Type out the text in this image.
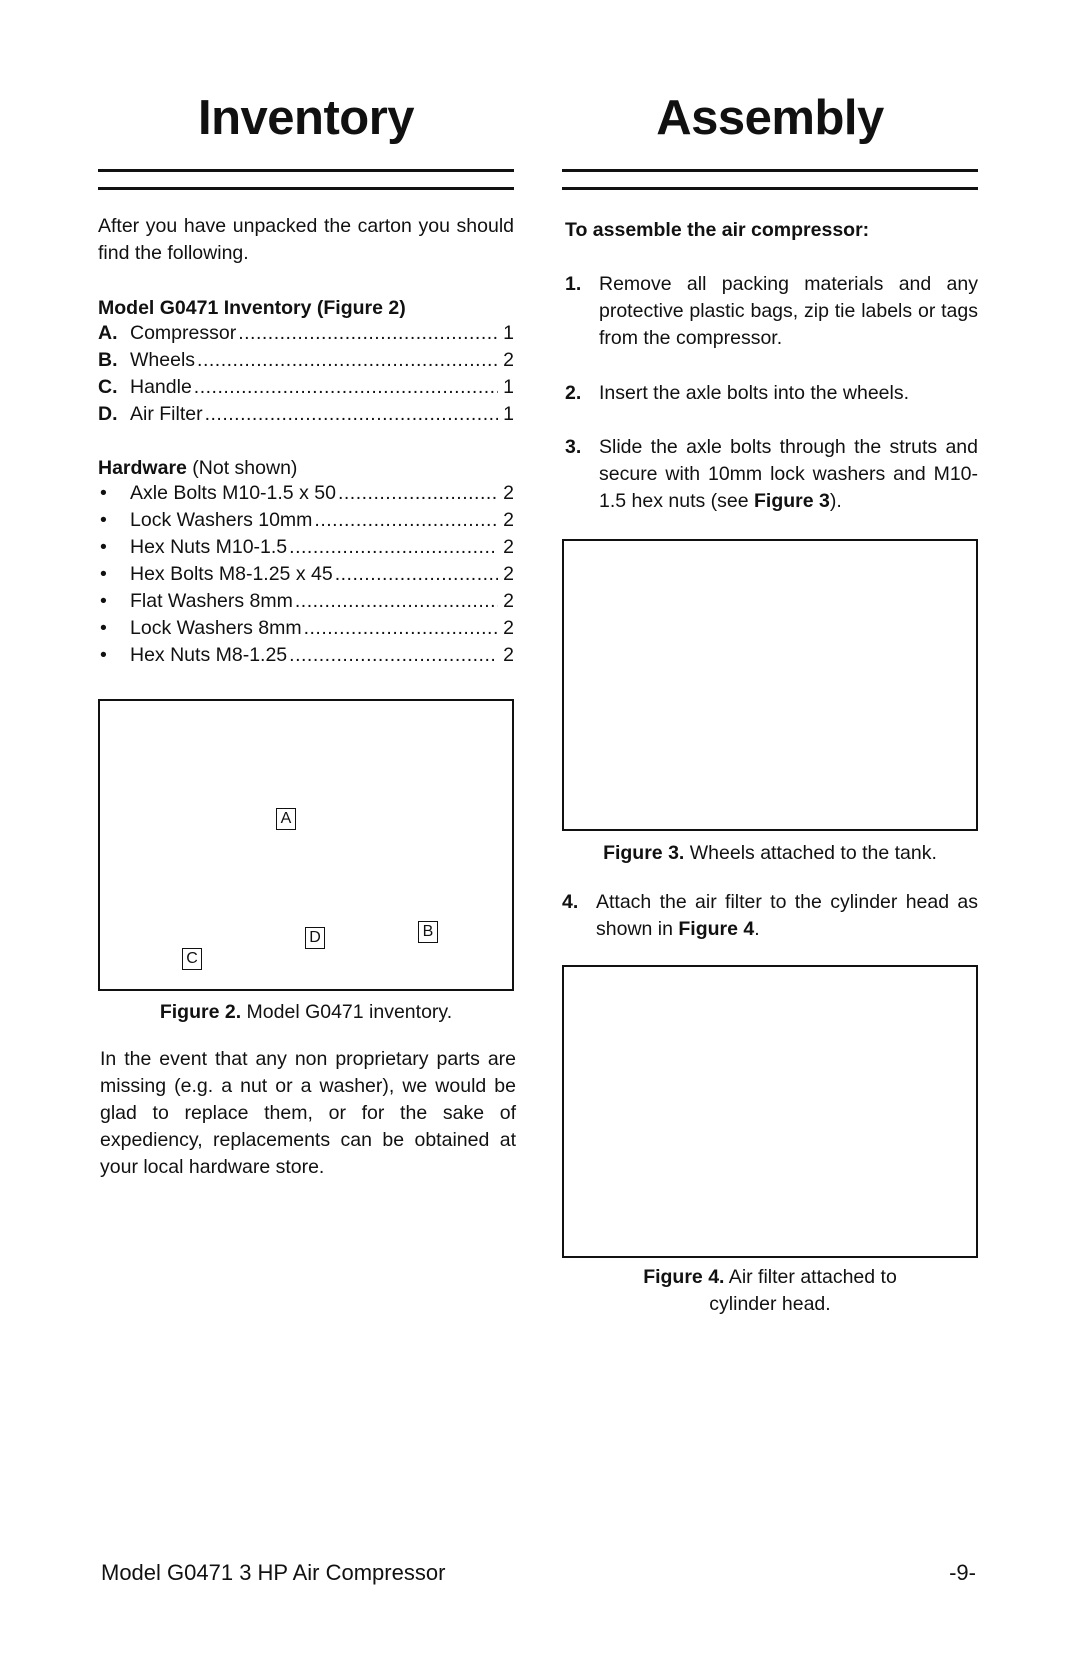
Inventory
After you have unpacked the carton you should find the following.
Model G0471 Inventory (Figure 2)
A. Compressor .....	1
B. Wheels .....	2
C. Handle .....	1
D. Air Filter .....	1
Hardware (Not shown)
•	Axle Bolts M10-1.5 x 50 .....	2
•	Lock Washers 10mm .....	2
•	Hex Nuts M10-1.5 .....	2
•	Hex Bolts M8-1.25 x 45 .....	2
•	Flat Washers 8mm .....	2
•	Lock Washers 8mm .....	2
•	Hex Nuts M8-1.25 .....	2
A
B
C
D
Figure 2. Model G0471 inventory.
In the event that any non proprietary parts are missing (e.g. a nut or a washer), we would be glad to replace them, or for the sake of expediency, replacements can be obtained at your local hardware store.
Assembly
To assemble the air compressor:
1. Remove all packing materials and any protective plastic bags, zip tie labels or tags from the compressor.
2. Insert the axle bolts into the wheels.
3. Slide the axle bolts through the struts and secure with 10mm lock washers and M10-1.5 hex nuts (see Figure 3).
Figure 3. Wheels attached to the tank.
4. Attach the air filter to the cylinder head as shown in Figure 4.
Figure 4. Air filter attached to
cylinder head.
Model G0471 3 HP Air Compressor	-9-
